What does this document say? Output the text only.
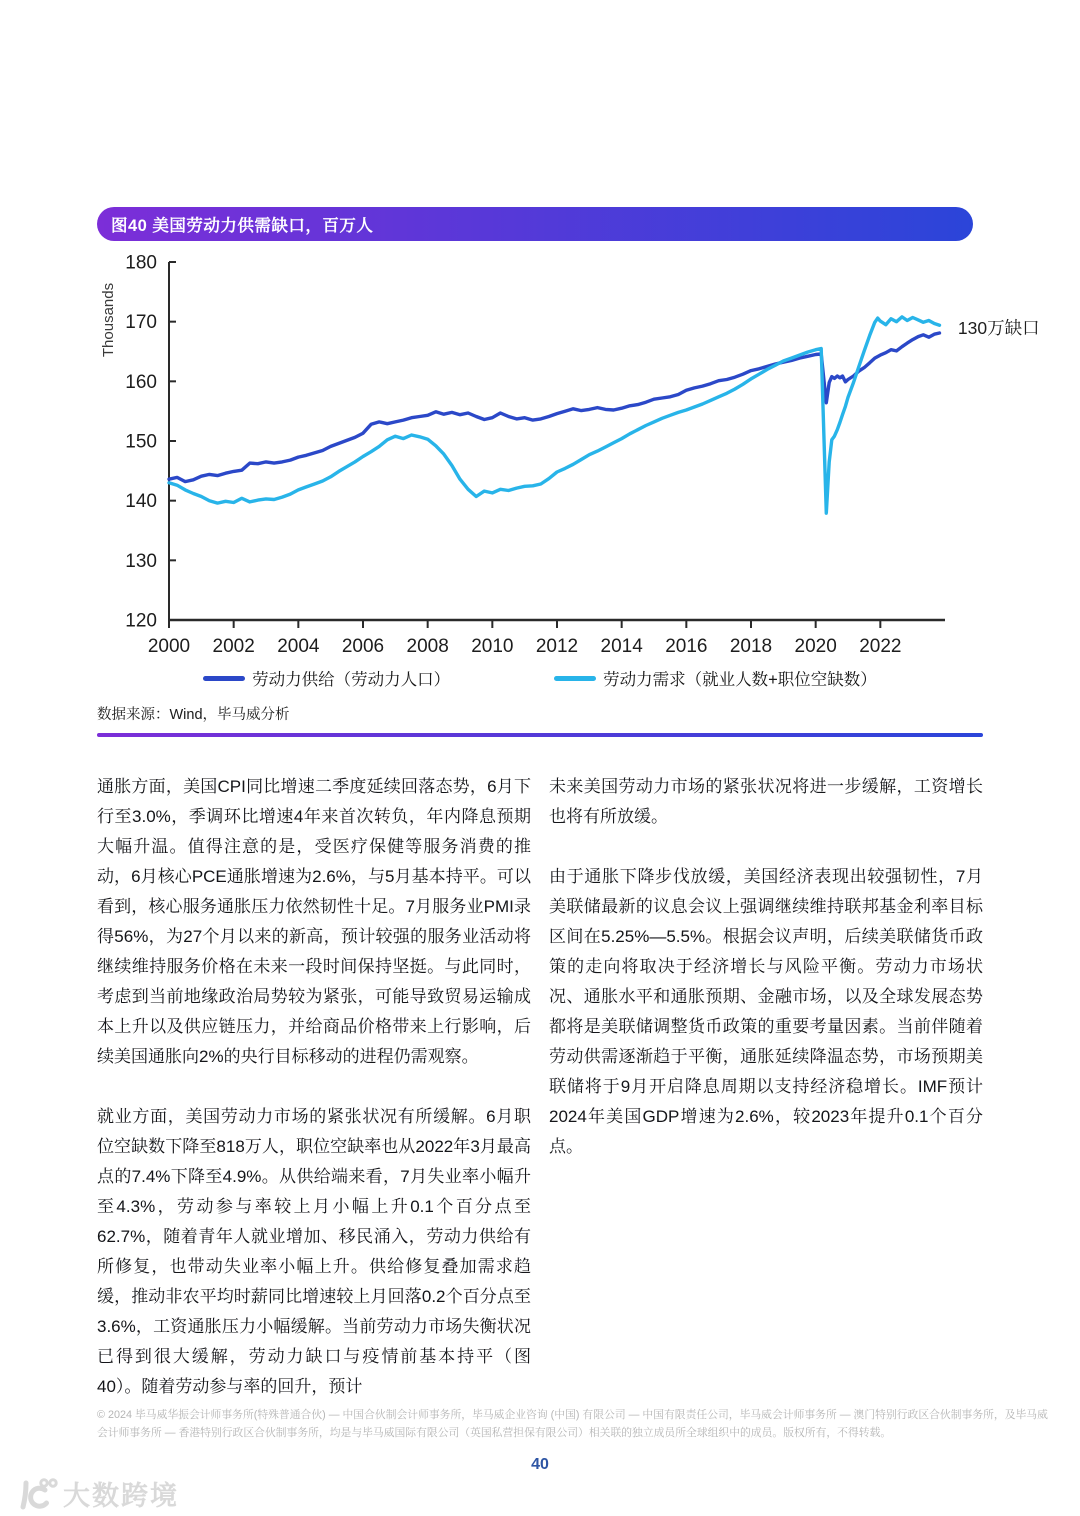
图40 美国劳动力供需缺口，百万人
120
130
140
150
160
170
180
2000 2002 2004 2006 2008 2010 2012 2014 2016 2018 2020 2022
Thousands	130万缺口
劳动力供给（劳动力人口）	劳动力需求（就业人数+职位空缺数）
数据来源：Wind，毕马威分析

通胀方面，美国CPI同比增速二季度延续回落态势，6月下行至3.0%，季调环比增速4年来首次转负，年内降息预期大幅升温。值得注意的是，受医疗保健等服务消费的推动，6月核心PCE通胀增速为2.6%，与5月基本持平。可以看到，核心服务通胀压力依然韧性十足。7月服务业PMI录得56%，为27个月以来的新高，预计较强的服务业活动将继续维持服务价格在未来一段时间保持坚挺。与此同时，考虑到当前地缘政治局势较为紧张，可能导致贸易运输成本上升以及供应链压力，并给商品价格带来上行影响，后续美国通胀向2%的央行目标移动的进程仍需观察。

就业方面，美国劳动力市场的紧张状况有所缓解。6月职位空缺数下降至818万人，职位空缺率也从2022年3月最高点的7.4%下降至4.9%。从供给端来看，7月失业率小幅升至4.3%，劳动参与率较上月小幅上升0.1个百分点至62.7%，随着青年人就业增加、移民涌入，劳动力供给有所修复，也带动失业率小幅上升。供给修复叠加需求趋缓，推动非农平均时薪同比增速较上月回落0.2个百分点至3.6%，工资通胀压力小幅缓解。当前劳动力市场失衡状况已得到很大缓解，劳动力缺口与疫情前基本持平（图40）。随着劳动参与率的回升，预计

未来美国劳动力市场的紧张状况将进一步缓解，工资增长也将有所放缓。

由于通胀下降步伐放缓，美国经济表现出较强韧性，7月美联储最新的议息会议上强调继续维持联邦基金利率目标区间在5.25%—5.5%。根据会议声明，后续美联储货币政策的走向将取决于经济增长与风险平衡。劳动力市场状况、通胀水平和通胀预期、金融市场，以及全球发展态势都将是美联储调整货币政策的重要考量因素。当前伴随着劳动供需逐渐趋于平衡，通胀延续降温态势，市场预期美联储将于9月开启降息周期以支持经济稳增长。IMF预计2024年美国GDP增速为2.6%，较2023年提升0.1个百分点。

© 2024 毕马威华振会计师事务所(特殊普通合伙) — 中国合伙制会计师事务所，毕马威企业咨询 (中国) 有限公司 — 中国有限责任公司，毕马威会计师事务所 — 澳门特别行政区合伙制事务所，及毕马威会计师事务所 — 香港特别行政区合伙制事务所，均是与毕马威国际有限公司（英国私营担保有限公司）相关联的独立成员所全球组织中的成员。版权所有，不得转载。
40
大数跨境
